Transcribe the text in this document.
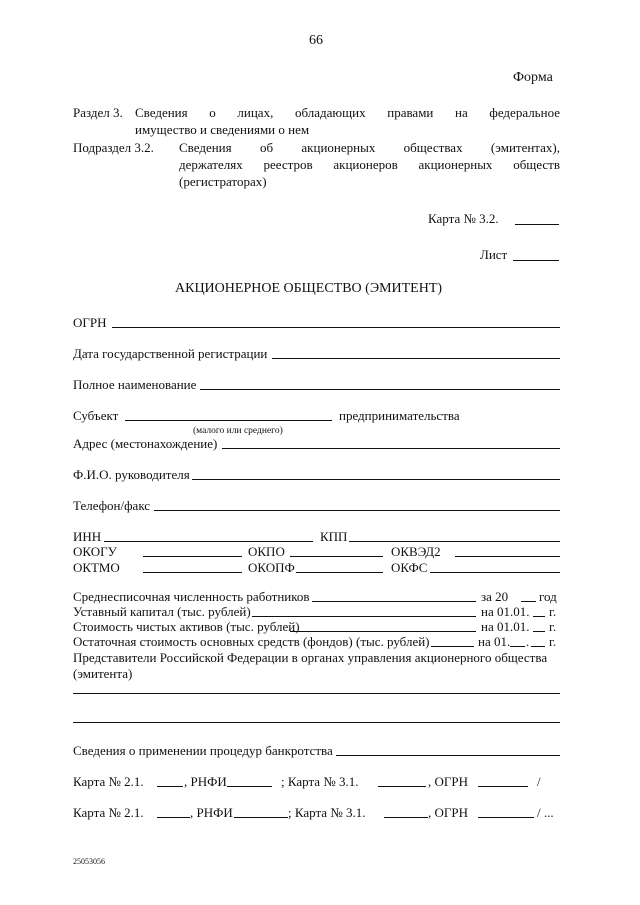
66
Форма
Раздел 3. Сведения о лицах, обладающих правами на федеральное
имущество и сведениями о нем
Подраздел 3.2. Сведения об акционерных обществах (эмитентах),
держателях реестров акционеров акционерных обществ
(регистраторах)
Карта № 3.2.
Лист
АКЦИОНЕРНОЕ ОБЩЕСТВО (ЭМИТЕНТ)
ОГРН
Дата государственной регистрации
Полное наименование
Субъект	предпринимательства
(малого или среднего)
Адрес (местонахождение)
Ф.И.О. руководителя
Телефон/факс
ИНН	КПП
ОКОГУ	ОКПО	ОКВЭД2
ОКТМО	ОКОПФ	ОКФС
Среднесписочная численность работников	за 20 год
Уставный капитал (тыс. рублей)	на 01.01. г.
Стоимость чистых активов (тыс. рублей)	на 01.01. г.
Остаточная стоимость основных средств (фондов) (тыс. рублей)	на 01. . г.
Представители Российской Федерации в органах управления акционерного общества
(эмитента)
Сведения о применении процедур банкротства
Карта № 2.1.	, РНФИ	; Карта № 3.1.	, ОГРН	/
Карта № 2.1.	, РНФИ	; Карта № 3.1.	, ОГРН	/ ...
25053056
